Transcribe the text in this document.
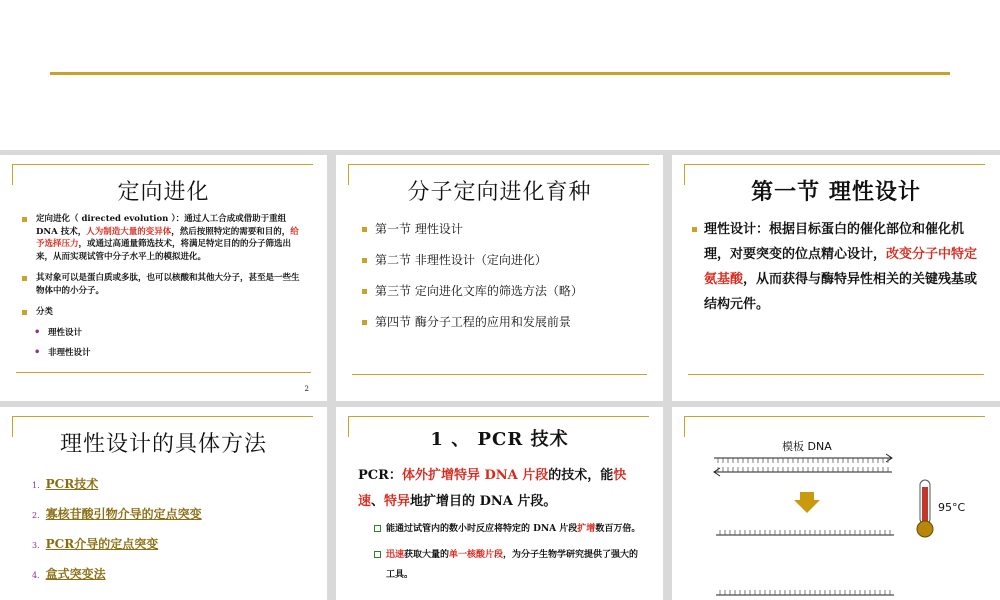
定向进化
定向进化（ directed evolution ）：通过人工合成或借助于重组　DNA 技术，人为制造大量的变异体，然后按照特定的需要和目的，给予选择压力，或通过高通量筛选技术，将满足特定目的的分子筛选出来，从而实现试管中分子水平上的模拟进化。
其对象可以是蛋白质或多肽，也可以核酸和其他大分子，甚至是一些生物体中的小分子。
分类
• 理性设计
• 非理性设计
2
分子定向进化育种
第一节 理性设计
第二节 非理性设计（定向进化）
第三节 定向进化文库的筛选方法（略）
第四节 酶分子工程的应用和发展前景
第一节 理性设计
理性设计：根据目标蛋白的催化部位和催化机理，对要突变的位点精心设计，改变分子中特定氨基酸，从而获得与酶特异性相关的关键残基或结构元件。
理性设计的具体方法
1. PCR技术
2. 寡核苷酸引物介导的定点突变
3. PCR介导的定点突变
4. 盒式突变法
1 、 PCR 技术
PCR：体外扩增特异 DNA 片段的技术，能快速、特异地扩增目的 DNA 片段。
能通过试管内的数小时反应将特定的 DNA 片段扩增数百万倍。
迅速获取大量的单一核酸片段，为分子生物学研究提供了强大的工具。
模板 DNA
95°C
